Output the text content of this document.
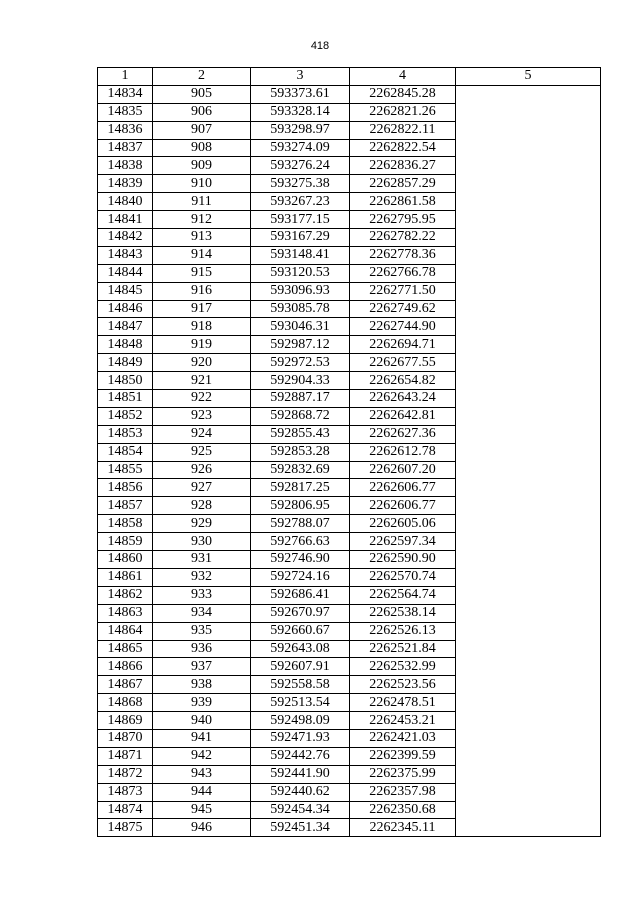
418
1	2	3	4	5
14834	905	593373.61	2262845.28	
14835	906	593328.14	2262821.26	
14836	907	593298.97	2262822.11	
14837	908	593274.09	2262822.54	
14838	909	593276.24	2262836.27	
14839	910	593275.38	2262857.29	
14840	911	593267.23	2262861.58	
14841	912	593177.15	2262795.95	
14842	913	593167.29	2262782.22	
14843	914	593148.41	2262778.36	
14844	915	593120.53	2262766.78	
14845	916	593096.93	2262771.50	
14846	917	593085.78	2262749.62	
14847	918	593046.31	2262744.90	
14848	919	592987.12	2262694.71	
14849	920	592972.53	2262677.55	
14850	921	592904.33	2262654.82	
14851	922	592887.17	2262643.24	
14852	923	592868.72	2262642.81	
14853	924	592855.43	2262627.36	
14854	925	592853.28	2262612.78	
14855	926	592832.69	2262607.20	
14856	927	592817.25	2262606.77	
14857	928	592806.95	2262606.77	
14858	929	592788.07	2262605.06	
14859	930	592766.63	2262597.34	
14860	931	592746.90	2262590.90	
14861	932	592724.16	2262570.74	
14862	933	592686.41	2262564.74	
14863	934	592670.97	2262538.14	
14864	935	592660.67	2262526.13	
14865	936	592643.08	2262521.84	
14866	937	592607.91	2262532.99	
14867	938	592558.58	2262523.56	
14868	939	592513.54	2262478.51	
14869	940	592498.09	2262453.21	
14870	941	592471.93	2262421.03	
14871	942	592442.76	2262399.59	
14872	943	592441.90	2262375.99	
14873	944	592440.62	2262357.98	
14874	945	592454.34	2262350.68	
14875	946	592451.34	2262345.11	
